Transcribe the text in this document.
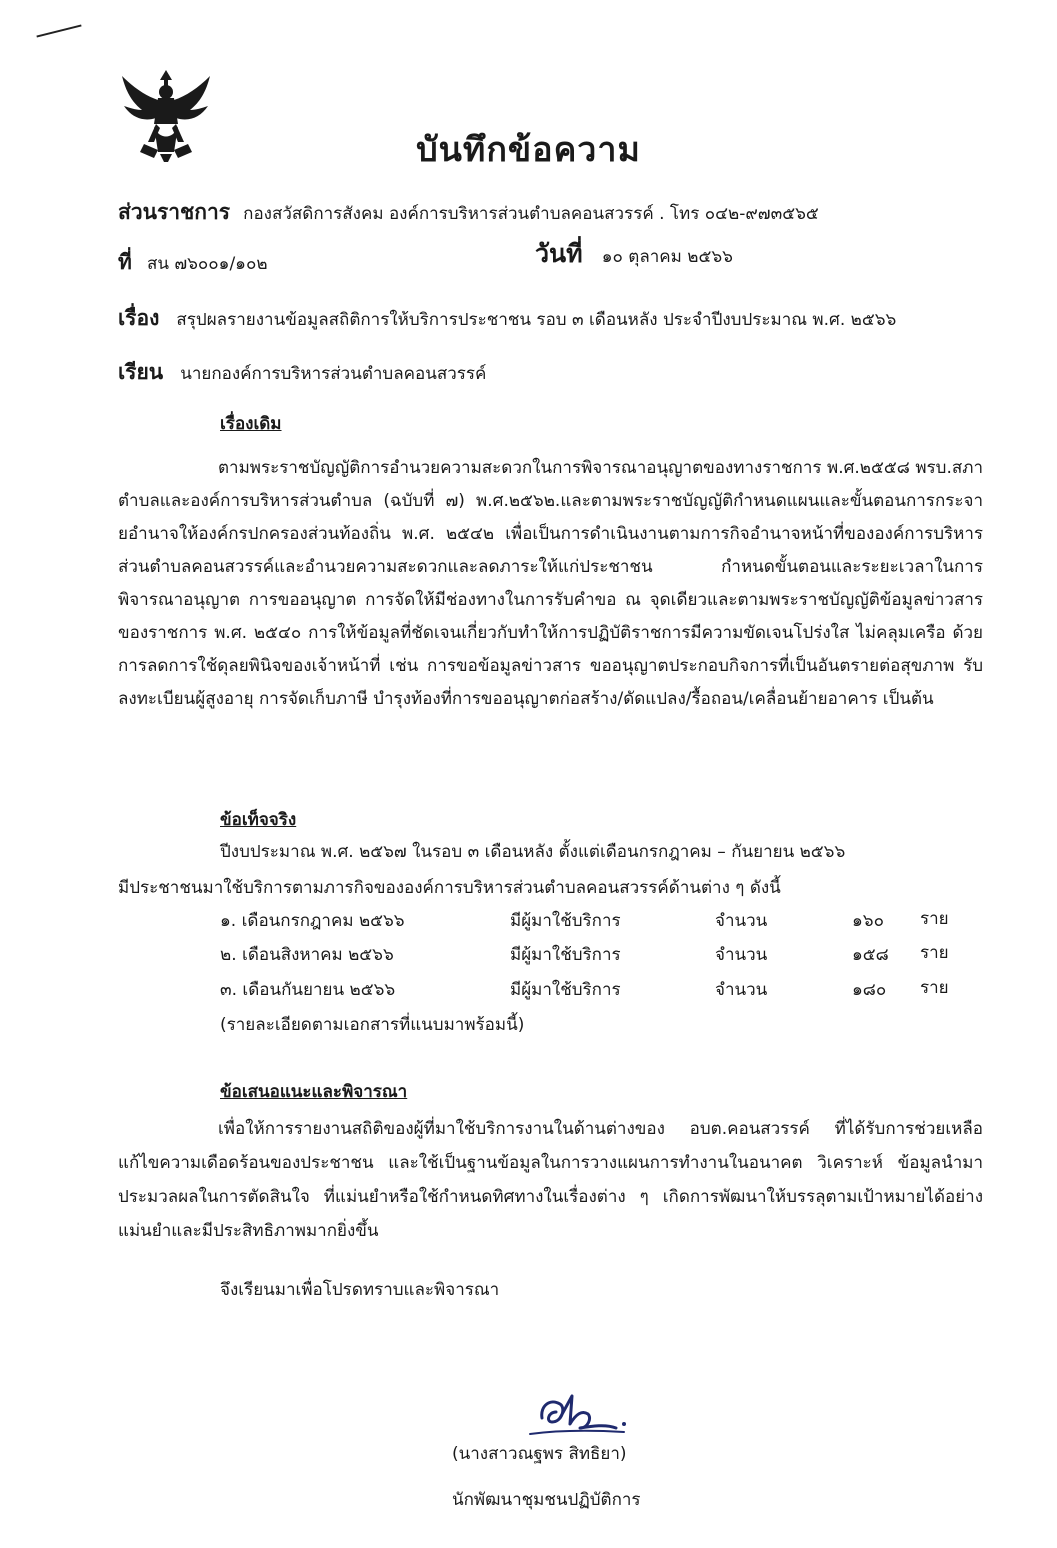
บันทึกข้อความ
ส่วนราชการ กองสวัสดิการสังคม องค์การบริหารส่วนตำบลคอนสวรรค์ . โทร ๐๔๒-๙๗๓๕๖๕
ที่ สน ๗๖๐๐๑/๑๐๒	วันที่ ๑๐ ตุลาคม ๒๕๖๖
เรื่อง สรุปผลรายงานข้อมูลสถิติการให้บริการประชาชน รอบ ๓ เดือนหลัง ประจำปีงบประมาณ พ.ศ. ๒๕๖๖
เรียน นายกองค์การบริหารส่วนตำบลคอนสวรรค์
เรื่องเดิม

ตามพระราชบัญญัติการอำนวยความสะดวกในการพิจารณาอนุญาตของทางราชการ พ.ศ.๒๕๕๘ พรบ.สภาตำบลและองค์การบริหารส่วนตำบล (ฉบับที่ ๗) พ.ศ.๒๕๖๒.และตามพระราชบัญญัติกำหนดแผนและขั้นตอนการกระจายอำนาจให้องค์กรปกครองส่วนท้องถิ่น พ.ศ. ๒๕๔๒ เพื่อเป็นการดำเนินงานตามการกิจอำนาจหน้าที่ขององค์การบริหารส่วนตำบลคอนสวรรค์และอำนวยความสะดวกและลดภาระให้แก่ประชาชน กำหนดขั้นตอนและระยะเวลาในการพิจารณาอนุญาต การขออนุญาต การจัดให้มีช่องทางในการรับคำขอ ณ จุดเดียวและตามพระราชบัญญัติข้อมูลข่าวสารของราชการ พ.ศ. ๒๕๔๐ การให้ข้อมูลที่ชัดเจนเกี่ยวกับทำให้การปฏิบัติราชการมีความขัดเจนโปร่งใส ไม่คลุมเครือ ด้วยการลดการใช้ดุลยพินิจของเจ้าหน้าที่ เช่น การขอข้อมูลข่าวสาร ขออนุญาตประกอบกิจการที่เป็นอันตรายต่อสุขภาพ รับลงทะเบียนผู้สูงอายุ การจัดเก็บภาษี บำรุงท้องที่การขออนุญาตก่อสร้าง/ดัดแปลง/รื้อถอน/เคลื่อนย้ายอาคาร เป็นต้น

ข้อเท็จจริง
ปีงบประมาณ พ.ศ. ๒๕๖๗ ในรอบ ๓ เดือนหลัง ตั้งแต่เดือนกรกฎาคม – กันยายน ๒๕๖๖
มีประชาชนมาใช้บริการตามภารกิจขององค์การบริหารส่วนตำบลคอนสวรรค์ด้านต่าง ๆ ดังนี้
๑. เดือนกรกฎาคม ๒๕๖๖	มีผู้มาใช้บริการ	จำนวน	๑๖๐ ราย
๒. เดือนสิงหาคม ๒๕๖๖	มีผู้มาใช้บริการ	จำนวน	๑๕๘ ราย
๓. เดือนกันยายน ๒๕๖๖	มีผู้มาใช้บริการ	จำนวน	๑๘๐ ราย
(รายละเอียดตามเอกสารที่แนบมาพร้อมนี้)
ข้อเสนอแนะและพิจารณา

เพื่อให้การรายงานสถิติของผู้ที่มาใช้บริการงานในด้านต่างของ อบต.คอนสวรรค์ ที่ได้รับการช่วยเหลือแก้ไขความเดือดร้อนของประชาชน และใช้เป็นฐานข้อมูลในการวางแผนการทำงานในอนาคต วิเคราะห์ ข้อมูลนำมาประมวลผลในการตัดสินใจ ที่แม่นยำหรือใช้กำหนดทิศทางในเรื่องต่าง ๆ เกิดการพัฒนาให้บรรลุตามเป้าหมายได้อย่างแม่นยำและมีประสิทธิภาพมากยิ่งขึ้น

จึงเรียนมาเพื่อโปรดทราบและพิจารณา
(นางสาวณฐพร สิทธิยา)
นักพัฒนาชุมชนปฏิบัติการ
